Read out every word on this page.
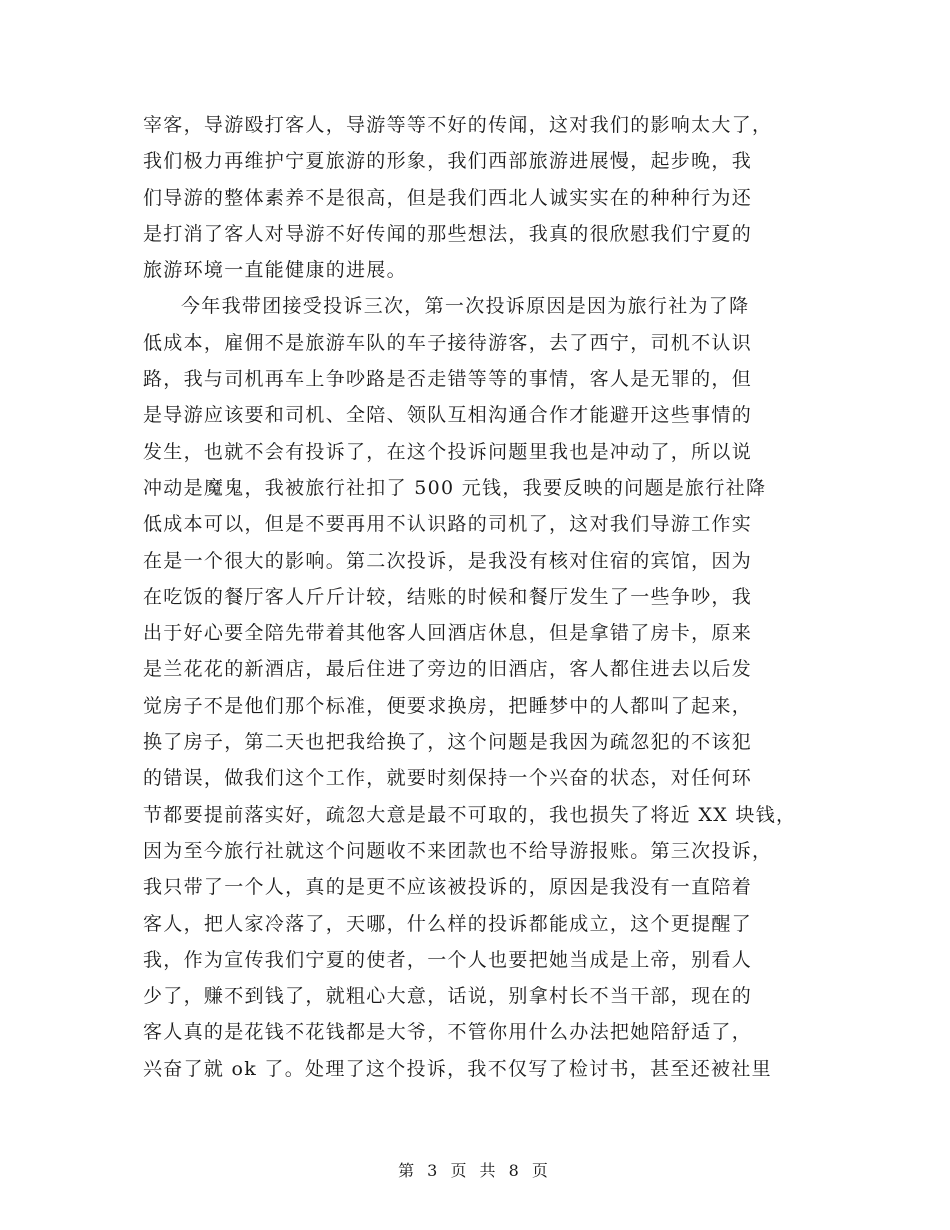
宰客，导游殴打客人，导游等等不好的传闻，这对我们的影响太大了，
我们极力再维护宁夏旅游的形象，我们西部旅游进展慢，起步晚，我
们导游的整体素养不是很高，但是我们西北人诚实实在的种种行为还
是打消了客人对导游不好传闻的那些想法，我真的很欣慰我们宁夏的
旅游环境一直能健康的进展。
今年我带团接受投诉三次，第一次投诉原因是因为旅行社为了降
低成本，雇佣不是旅游车队的车子接待游客，去了西宁，司机不认识
路，我与司机再车上争吵路是否走错等等的事情，客人是无罪的，但
是导游应该要和司机、全陪、领队互相沟通合作才能避开这些事情的
发生，也就不会有投诉了，在这个投诉问题里我也是冲动了，所以说
冲动是魔鬼，我被旅行社扣了 500 元钱，我要反映的问题是旅行社降
低成本可以，但是不要再用不认识路的司机了，这对我们导游工作实
在是一个很大的影响。第二次投诉，是我没有核对住宿的宾馆，因为
在吃饭的餐厅客人斤斤计较，结账的时候和餐厅发生了一些争吵，我
出于好心要全陪先带着其他客人回酒店休息，但是拿错了房卡，原来
是兰花花的新酒店，最后住进了旁边的旧酒店，客人都住进去以后发
觉房子不是他们那个标准，便要求换房，把睡梦中的人都叫了起来，
换了房子，第二天也把我给换了，这个问题是我因为疏忽犯的不该犯
的错误，做我们这个工作，就要时刻保持一个兴奋的状态，对任何环
节都要提前落实好，疏忽大意是最不可取的，我也损失了将近 XX 块钱，
因为至今旅行社就这个问题收不来团款也不给导游报账。第三次投诉，
我只带了一个人，真的是更不应该被投诉的，原因是我没有一直陪着
客人，把人家冷落了，天哪，什么样的投诉都能成立，这个更提醒了
我，作为宣传我们宁夏的使者，一个人也要把她当成是上帝，别看人
少了，赚不到钱了，就粗心大意，话说，别拿村长不当干部，现在的
客人真的是花钱不花钱都是大爷，不管你用什么办法把她陪舒适了，
兴奋了就 ok 了。处理了这个投诉，我不仅写了检讨书，甚至还被社里
第 3 页 共 8 页
